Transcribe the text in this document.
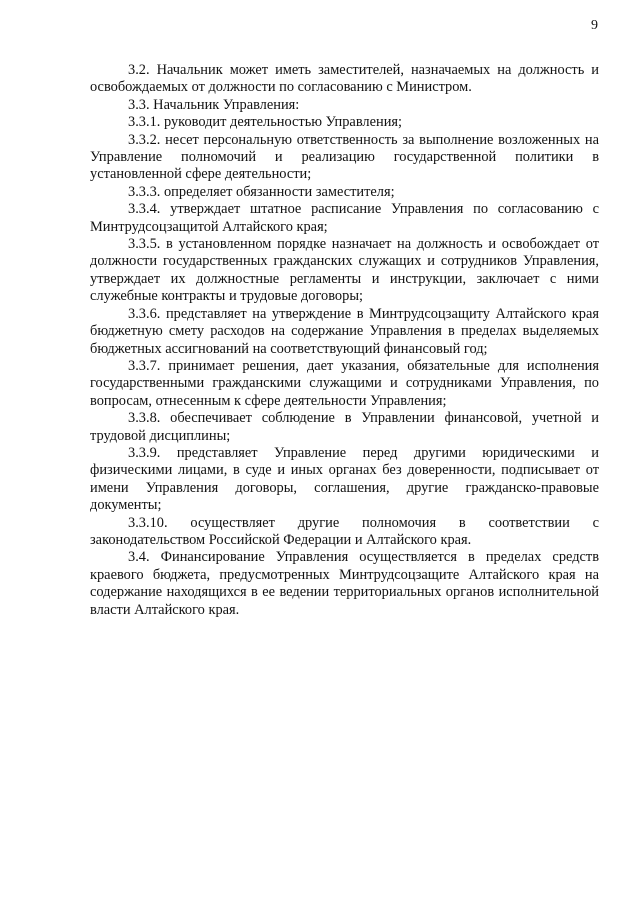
9

3.2. Начальник может иметь заместителей, назначаемых на должность и освобождаемых от должности по согласованию с Министром.

3.3. Начальник Управления:

3.3.1. руководит деятельностью Управления;

3.3.2. несет персональную ответственность за выполнение возложенных на Управление полномочий и реализацию государственной политики в установленной сфере деятельности;

3.3.3. определяет обязанности заместителя;

3.3.4. утверждает штатное расписание Управления по согласованию с Минтрудсоцзащитой Алтайского края;

3.3.5. в установленном порядке назначает на должность и освобождает от должности государственных гражданских служащих и сотрудников Управления, утверждает их должностные регламенты и инструкции, заключает с ними служебные контракты и трудовые договоры;

3.3.6. представляет на утверждение в Минтрудсоцзащиту Алтайского края бюджетную смету расходов на содержание Управления в пределах выделяемых бюджетных ассигнований на соответствующий финансовый год;

3.3.7. принимает решения, дает указания, обязательные для исполнения государственными гражданскими служащими и сотрудниками Управления, по вопросам, отнесенным к сфере деятельности Управления;

3.3.8. обеспечивает соблюдение в Управлении финансовой, учетной и трудовой дисциплины;

3.3.9. представляет Управление перед другими юридическими и физическими лицами, в суде и иных органах без доверенности, подписывает от имени Управления договоры, соглашения, другие гражданско-правовые документы;

3.3.10. осуществляет другие полномочия в соответствии с законодательством Российской Федерации и Алтайского края.

3.4. Финансирование Управления осуществляется в пределах средств краевого бюджета, предусмотренных Минтрудсоцзащите Алтайского края на содержание находящихся в ее ведении территориальных органов исполнительной власти Алтайского края.
